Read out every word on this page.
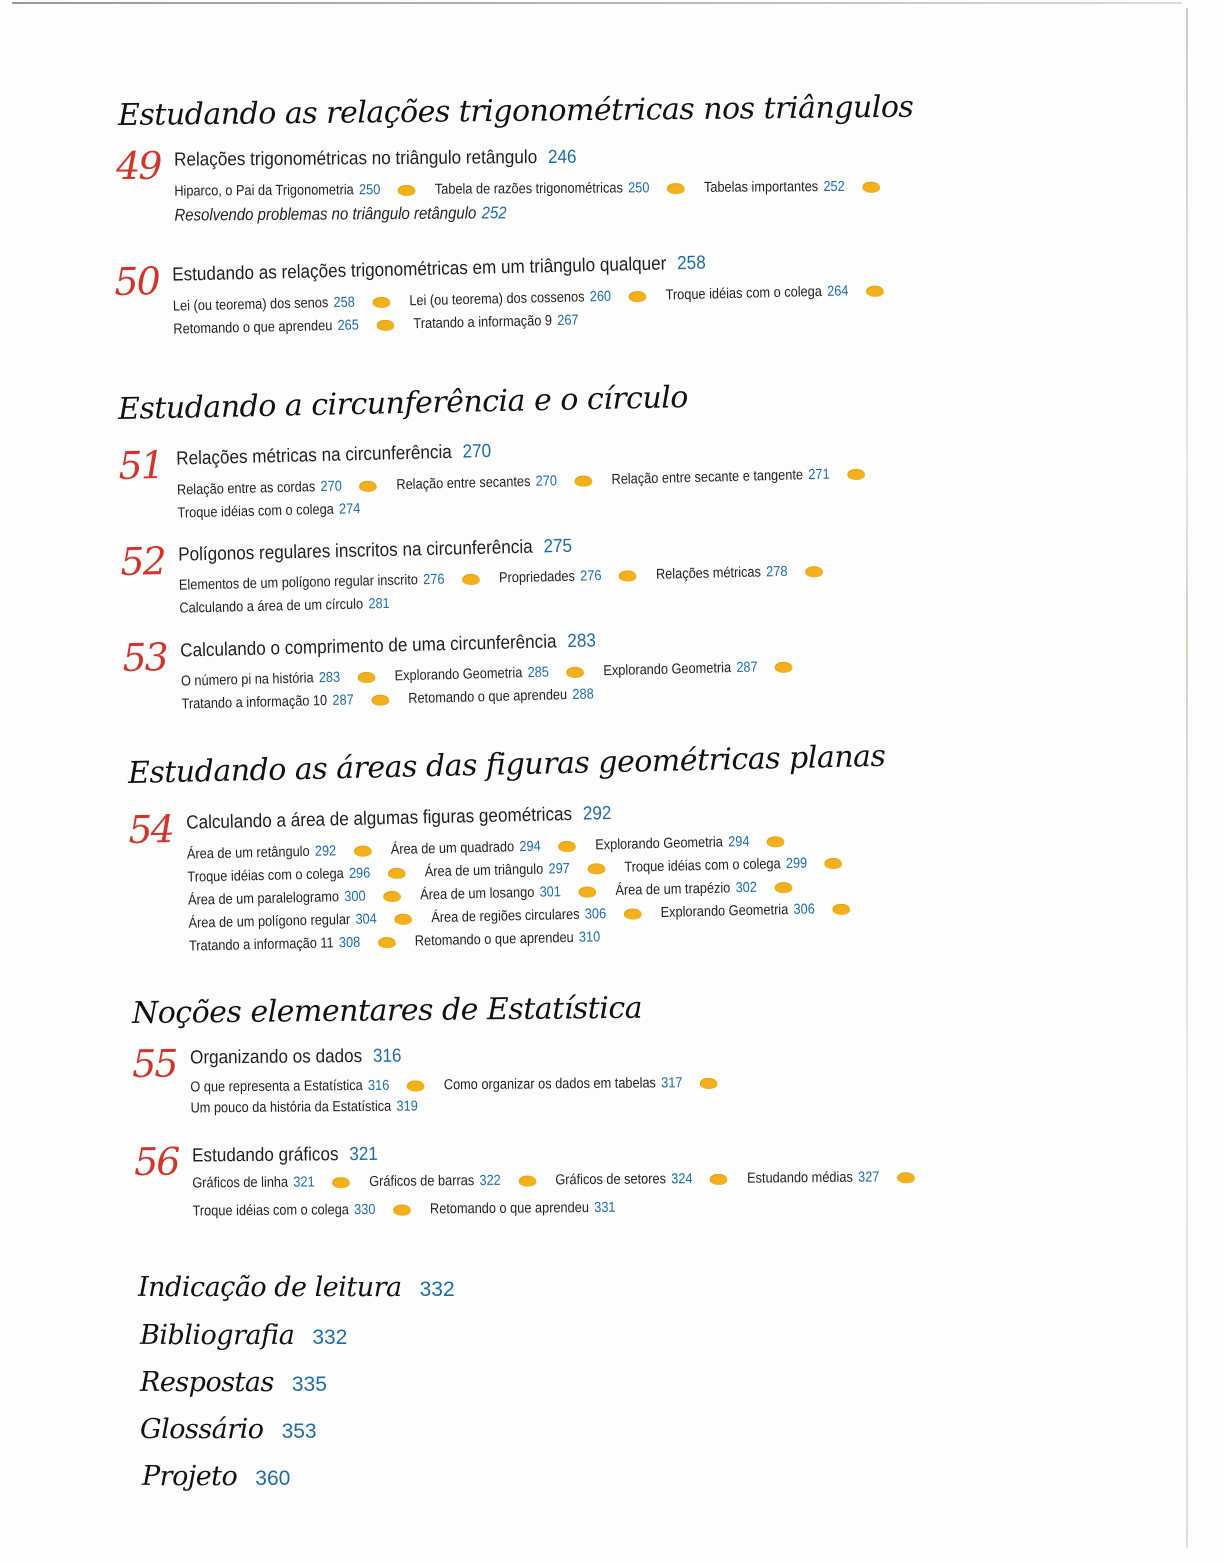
Estudando as relações trigonométricas nos triângulos
49 Relações trigonométricas no triângulo retângulo 246
Hiparco, o Pai da Trigonometria 250	Tabela de razões trigonométricas 250	Tabelas importantes 252
Resolvendo problemas no triângulo retângulo 252
50 Estudando as relações trigonométricas em um triângulo qualquer 258
Lei (ou teorema) dos senos 258	Lei (ou teorema) dos cossenos 260	Troque idéias com o colega 264
Retomando o que aprendeu 265	Tratando a informação 9 267
Estudando a circunferência e o círculo
51 Relações métricas na circunferência 270
Relação entre as cordas 270	Relação entre secantes 270	Relação entre secante e tangente 271
Troque idéias com o colega 274
52 Polígonos regulares inscritos na circunferência 275
Elementos de um polígono regular inscrito 276	Propriedades 276	Relações métricas 278
Calculando a área de um círculo 281
53 Calculando o comprimento de uma circunferência 283
O número pi na história 283	Explorando Geometria 285	Explorando Geometria 287
Tratando a informação 10 287	Retomando o que aprendeu 288
Estudando as áreas das figuras geométricas planas
54 Calculando a área de algumas figuras geométricas 292
Área de um retângulo 292	Área de um quadrado 294	Explorando Geometria 294
Troque idéias com o colega 296	Área de um triângulo 297	Troque idéias com o colega 299
Área de um paralelogramo 300	Área de um losango 301	Área de um trapézio 302
Área de um polígono regular 304	Área de regiões circulares 306	Explorando Geometria 306
Tratando a informação 11 308	Retomando o que aprendeu 310
Noções elementares de Estatística
55 Organizando os dados 316
O que representa a Estatística 316	Como organizar os dados em tabelas 317
Um pouco da história da Estatística 319
56 Estudando gráficos 321
Gráficos de linha 321	Gráficos de barras 322	Gráficos de setores 324	Estudando médias 327
Troque idéias com o colega 330	Retomando o que aprendeu 331
Indicação de leitura 332
Bibliografia 332
Respostas 335
Glossário 353
Projeto 360
